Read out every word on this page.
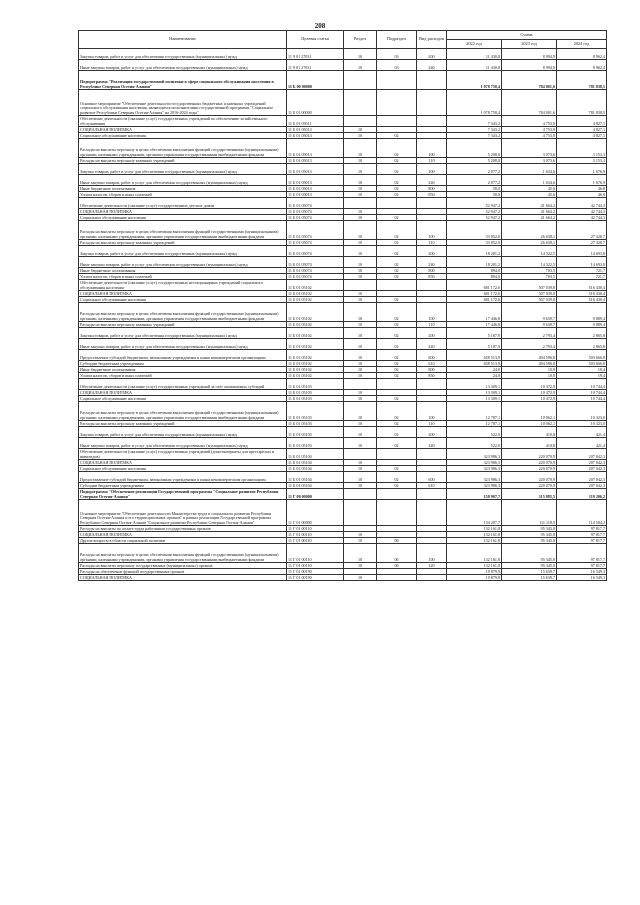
208
Наименование	Целевая статья	Раздел	Подраздел	Вид расходов	Сумма		
					2022 год	2023 год	2024 год
Закупка товаров, работ и услуг для обеспечения государственных (муниципальных) нужд	11 9 01 27031	10	03	200	11 430,8	8 994,9	8 962,4
Иные закупки товаров, работ и услуг для обеспечения государственных (муниципальных) нужд	11 9 01 27031	10	03	240	11 430,8	8 994,9	8 962,4
Подпрограмма "Реализация государственной политики в сфере социального обслуживания населения в Республике Северная Осетия-Алания"	11 Б 00 00000				1 078 758,4	784 001,6	781 838,5
Основное мероприятие "Обеспечение деятельности государственных бюджетных и казенных учреждений социального обслуживания населения, являющихся исполнителями государственной программы "Социальное развитие Республики Северная Осетия-Алания" на 2016-2024 годы"	11 Б 01 00000				1 078 758,4	784 001,6	781 838,5
Обеспечение деятельности (оказание услуг) государственных учреждений по обеспечению хозяйственного обслуживания	11 Б 01 05011				7 343,2	4 753,9	4 827,1
СОЦИАЛЬНАЯ ПОЛИТИКА	11 Б 01 05013	10			7 343,2	4 753,9	4 827,1
Социальное обслуживание населения	11 Б 01 05013	10	02		7 343,2	4 753,9	4 827,1
Расходы на выплаты персоналу в целях обеспечения выполнения функций государственными (муниципальными) органами, казенными учреждениями, органами управления государственными внебюджетными фондами	11 Б 01 05013	10	02	100	5 208,0	3 073,6	3 153,3
Расходы на выплаты персоналу казенных учреждений	11 Б 01 05013	10	02	110	5 208,0	3 073,6	3 153,3
Закупка товаров, работ и услуг для обеспечения государственных (муниципальных) нужд	11 Б 01 05013	10	02	200	2 077,2	1 634,6	1 676,9
Иные закупки товаров, работ и услуг для обеспечения государственных (муниципальных) нужд	11 Б 01 05013	10	02	240	2 077,2	1 634,6	1 676,9
Иные бюджетные ассигнования	11 Б 01 05013	10	02	800	58,0	45,6	46,8
Уплата налогов, сборов и иных платежей	11 Б 01 05013	10	02	850	58,0	45,6	46,8
Обеспечение деятельности (оказание услуг) государственных детских домов	11 Б 01 05074				52 947,2	41 664,2	42 744,3
СОЦИАЛЬНАЯ ПОЛИТИКА	11 Б 01 05074	10			52 947,2	41 664,2	42 744,3
Социальное обслуживание населения	11 Б 01 05074	10	02		52 947,2	41 664,2	42 744,3
Расходы на выплаты персоналу в целях обеспечения выполнения функций государственными (муниципальными) органами, казенными учреждениями, органами управления государственными внебюджетными фондами	11 Б 01 05074	10	02	100	33 852,0	26 638,1	27 328,7
Расходы на выплаты персоналу казенных учреждений	11 Б 01 05074	10	02	110	33 852,0	26 638,1	27 328,7
Закупка товаров, работ и услуг для обеспечения государственных (муниципальных) нужд	11 Б 01 05074	10	02	200	18 201,2	14 322,5	14 693,8
Иные закупки товаров, работ и услуг для обеспечения государственных (муниципальных) нужд	11 Б 01 05074	10	02	240	18 201,2	14 322,5	14 693,8
Иные бюджетные ассигнования	11 Б 01 05074	10	02	800	894,0	703,5	721,7
Уплата налогов, сборов и иных платежей	11 Б 01 05074	10	02	850	894,0	703,5	721,7
Обеспечение деятельности (оказание услуг) государственных нестационарных учреждений социального обслуживания населения	11 Б 01 05102				681 172,6	507 039,8	516 430,4
СОЦИАЛЬНАЯ ПОЛИТИКА	11 Б 01 05102	10			681 172,6	507 039,8	516 430,4
Социальное обслуживание населения	11 Б 01 05102	10	02		681 172,6	507 039,8	516 430,4
Расходы на выплаты персоналу в целях обеспечения выполнения функций государственными (муниципальными) органами, казенными учреждениями, органами управления государственными внебюджетными фондами	11 Б 01 05102	10	02	100	17 446,8	9 639,7	9 889,4
Расходы на выплаты персоналу казенных учреждений	11 Б 01 05102	10	02	110	17 446,8	9 639,7	9 889,4
Закупка товаров, работ и услуг для обеспечения государственных (муниципальных) нужд	11 Б 01 05102	10	02	200	5 187,9	2 793,4	2 865,8
Иные закупки товаров, работ и услуг для обеспечения государственных (муниципальных) нужд	11 Б 01 05102	10	02	240	5 187,9	2 793,4	2 865,8
Предоставление субсидий бюджетным, автономным учреждениям и иным некоммерческим организациям	11 Б 01 05102	10	02	600	658 513,9	494 596,8	503 666,8
Субсидии бюджетным учреждениям	11 Б 01 05102	10	02	610	658 513,9	494 596,8	503 666,8
Иные бюджетные ассигнования	11 Б 01 05102	10	02	800	24,0	10,9	19,4
Уплата налогов, сборов и иных платежей	11 Б 01 05102	10	02	850	24,0	10,9	19,4
Обеспечение деятельности (оказание услуг) государственных учреждений за счёт оказываемых субсидий	11 Б 01 05103				13 309,1	10 472,9	10 744,4
СОЦИАЛЬНАЯ ПОЛИТИКА	11 Б 01 05103	10			13 309,1	10 472,9	10 744,4
Социальное обслуживание населения	11 Б 01 05103	10	02		13 309,1	10 472,9	10 744,4
Расходы на выплаты персоналу в целях обеспечения выполнения функций государственными (муниципальными) органами, казенными учреждениями, органами управления государственными внебюджетными фондами	11 Б 01 05103	10	02	100	12 787,1	10 062,1	10 323,0
Расходы на выплаты персоналу казенных учреждений	11 Б 01 05103	10	02	110	12 787,1	10 062,1	10 323,0
Закупка товаров, работ и услуг для обеспечения государственных (муниципальных) нужд	11 Б 01 05103	10	02	200	522,0	410,8	421,4
Иные закупки товаров, работ и услуг для обеспечения государственных (муниципальных) нужд	11 Б 01 05103	10	02	240	522,0	410,8	421,4
Обеспечение деятельности (оказание услуг) государственных учреждений (дома-интернаты для престарелых и инвалидов)	11 Б 01 05104				323 986,3	220 070,9	207 042,3
СОЦИАЛЬНАЯ ПОЛИТИКА	11 Б 01 05104	10			323 986,3	220 070,9	207 042,3
Социальное обслуживание населения	11 Б 01 05104	10	02		323 986,3	220 070,9	207 042,3
Предоставление субсидий бюджетным, автономным учреждениям и иным некоммерческим организациям	11 Б 01 05104	10	02	600	323 986,3	220 070,9	207 042,3
Субсидии бюджетным учреждениям	11 Б 01 05104	10	02	610	323 986,3	220 070,9	207 042,3
Подпрограмма "Обеспечение реализации Государственной программы "Социальное развитие Республики Северная Осетия-Алания"	11 Г 00 00000				158 907,7	115 885,5	119 206,2
Основное мероприятие "Обеспечение деятельности Министерства труда и социального развития Республики Северная Осетия-Алания и его территориальных органов" в рамках реализации Государственной программы Республики Северная Осетия-Алания "Социальное развитие Республики Северная Осетия-Алания"	11 Г 01 00000				154 207,7	111 118,5	114 504,2
Расходы на выплаты по оплате труда работников государственных органов	11 Г 01 00110				132 161,8	95 345,0	97 817,7
СОЦИАЛЬНАЯ ПОЛИТИКА	11 Г 01 00110	10			132 161,8	95 345,0	97 817,7
Другие вопросы в области социальной политики	11 Г 01 00110	10	06		132 161,8	95 345,0	97 817,7
Расходы на выплаты персоналу в целях обеспечения выполнения функций государственными (муниципальными) органами, казенными учреждениями, органами управления государственными внебюджетными фондами	11 Г 01 00110	10	06	100	132 161,8	95 345,0	97 817,7
Расходы на выплаты персоналу государственных (муниципальных) органов	11 Г 01 00110	10	06	120	132 161,8	95 345,0	97 817,7
Расходы на обеспечение функций государственных органов	11 Г 01 00190				19 879,9	15 639,7	16 549,3
СОЦИАЛЬНАЯ ПОЛИТИКА	11 Г 01 00190	10			19 879,9	15 639,7	16 549,3
